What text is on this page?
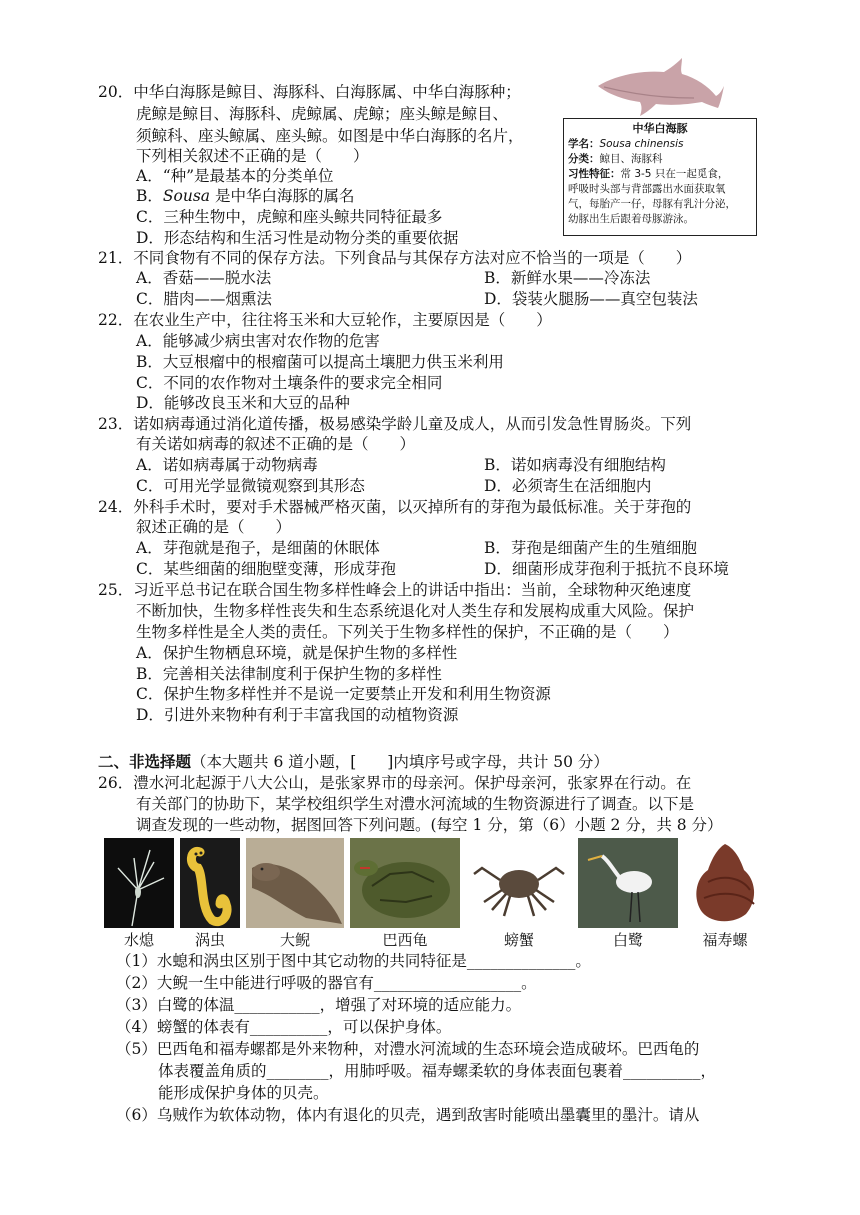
20．中华白海豚是鲸目、海豚科、白海豚属、中华白海豚种；
虎鲸是鲸目、海豚科、虎鲸属、虎鲸；座头鲸是鲸目、
须鲸科、座头鲸属、座头鲸。如图是中华白海豚的名片，
下列相关叙述不正确的是（　　）
A．“种”是最基本的分类单位
B．Sousa 是中华白海豚的属名
C．三种生物中，虎鲸和座头鲸共同特征最多
D．形态结构和生活习性是动物分类的重要依据
中华白海豚
学名：Sousa chinensis
分类：鲸目、海豚科
习性特征：常 3-5 只在一起觅食，
呼吸时头部与背部露出水面获取氧
气，每胎产一仔，母豚有乳汁分泌，
幼豚出生后跟着母豚游泳。
21．不同食物有不同的保存方法。下列食品与其保存方法对应不恰当的一项是（　　）
A．香菇——脱水法	B．新鲜水果——冷冻法
C．腊肉——烟熏法	D．袋装火腿肠——真空包装法
22．在农业生产中，往往将玉米和大豆轮作，主要原因是（　　）
A．能够减少病虫害对农作物的危害
B．大豆根瘤中的根瘤菌可以提高土壤肥力供玉米利用
C．不同的农作物对土壤条件的要求完全相同
D．能够改良玉米和大豆的品种
23．诺如病毒通过消化道传播，极易感染学龄儿童及成人，从而引发急性胃肠炎。下列
有关诺如病毒的叙述不正确的是（　　）
A．诺如病毒属于动物病毒	B．诺如病毒没有细胞结构
C．可用光学显微镜观察到其形态	D．必须寄生在活细胞内
24．外科手术时，要对手术器械严格灭菌，以灭掉所有的芽孢为最低标准。关于芽孢的
叙述正确的是（　　）
A．芽孢就是孢子，是细菌的休眠体	B．芽孢是细菌产生的生殖细胞
C．某些细菌的细胞壁变薄，形成芽孢	D．细菌形成芽孢利于抵抗不良环境
25．习近平总书记在联合国生物多样性峰会上的讲话中指出：当前，全球物种灭绝速度
不断加快，生物多样性丧失和生态系统退化对人类生存和发展构成重大风险。保护
生物多样性是全人类的责任。下列关于生物多样性的保护，不正确的是（　　）
A．保护生物栖息环境，就是保护生物的多样性
B．完善相关法律制度利于保护生物的多样性
C．保护生物多样性并不是说一定要禁止开发和利用生物资源
D．引进外来物种有利于丰富我国的动植物资源
二、非选择题（本大题共 6 道小题，[　　]内填序号或字母，共计 50 分）
26．澧水河北起源于八大公山，是张家界市的母亲河。保护母亲河，张家界在行动。在
有关部门的协助下，某学校组织学生对澧水河流域的生物资源进行了调查。以下是
调查发现的一些动物，据图回答下列问题。(每空 1 分，第（6）小题 2 分，共 8 分）
水熄	涡虫	大鲵	巴西龟	螃蟹	白鹭	福寿螺
（1）水螅和涡虫区别于图中其它动物的共同特征是______________。
（2）大鲵一生中能进行呼吸的器官有___________________。
（3）白鹭的体温___________，增强了对环境的适应能力。
（4）螃蟹的体表有__________，可以保护身体。
（5）巴西龟和福寿螺都是外来物种，对澧水河流域的生态环境会造成破坏。巴西龟的
体表覆盖角质的________，用肺呼吸。福寿螺柔软的身体表面包裹着__________，
能形成保护身体的贝壳。
（6）乌贼作为软体动物，体内有退化的贝壳，遇到敌害时能喷出墨囊里的墨汁。请从
